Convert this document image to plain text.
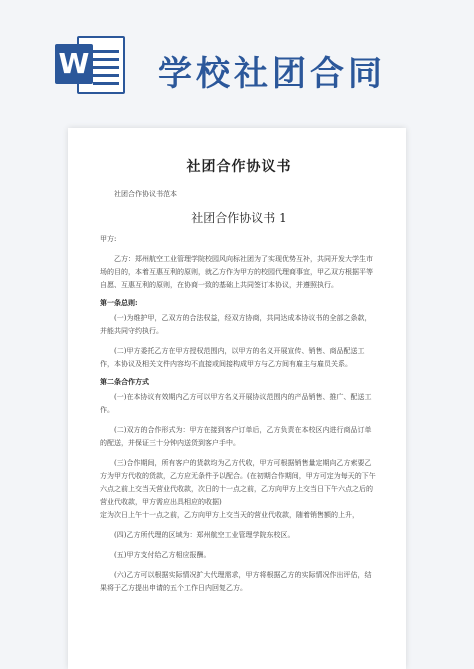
W 学校社团合同
社团合作协议书
社团合作协议书范本
社团合作协议书 1

甲方:

乙方：郑州航空工业管理学院校园风向标社团为了实现优势互补，共同开发大学生市场的目的，本着互惠互利的原则，就乙方作为甲方的校园代理商事宜，甲乙双方根据平等自愿、互惠互利的原则，在协商一致的基础上共同签订本协议，并遵照执行。

第一条总则:

(一)为维护甲，乙双方的合法权益，经双方协商，共同达成本协议书的全部之条款，并能共同守约执行。

(二)甲方委托乙方在甲方授权范围内，以甲方的名义开展宣传、销售、商品配送工作，本协议及相关文件内容均不直接或间接构成甲方与乙方间有雇主与雇员关系。

第二条合作方式

(一)在本协议有效期内乙方可以甲方名义开展协议范围内的产品销售、推广、配送工作。

(二)双方的合作形式为：甲方在接到客户订单后，乙方负责在本校区内进行商品订单的配送，并保证三十分钟内送货到客户手中。

(三)合作期间，所有客户的货款均为乙方代收，甲方可根据销售量定期向乙方索要乙方为甲方代收的货款，乙方应无条件予以配合。(在初期合作期间，甲方可定为每天的下午六点之前上交当天营业代收款，次日的十一点之前，乙方向甲方上交当日下午六点之后的营业代收款，甲方需应出具相应的收据)

定为次日上午十一点之前，乙方向甲方上交当天的营业代收款，随着销售额的上升，

(四)乙方所代理的区域为：郑州航空工业管理学院东校区。

(五)甲方支付给乙方相应报酬。

(六)乙方可以根据实际情况扩大代理需求，甲方将根据乙方的实际情况作出评估，结果将于乙方提出申请的五个工作日内回复乙方。
